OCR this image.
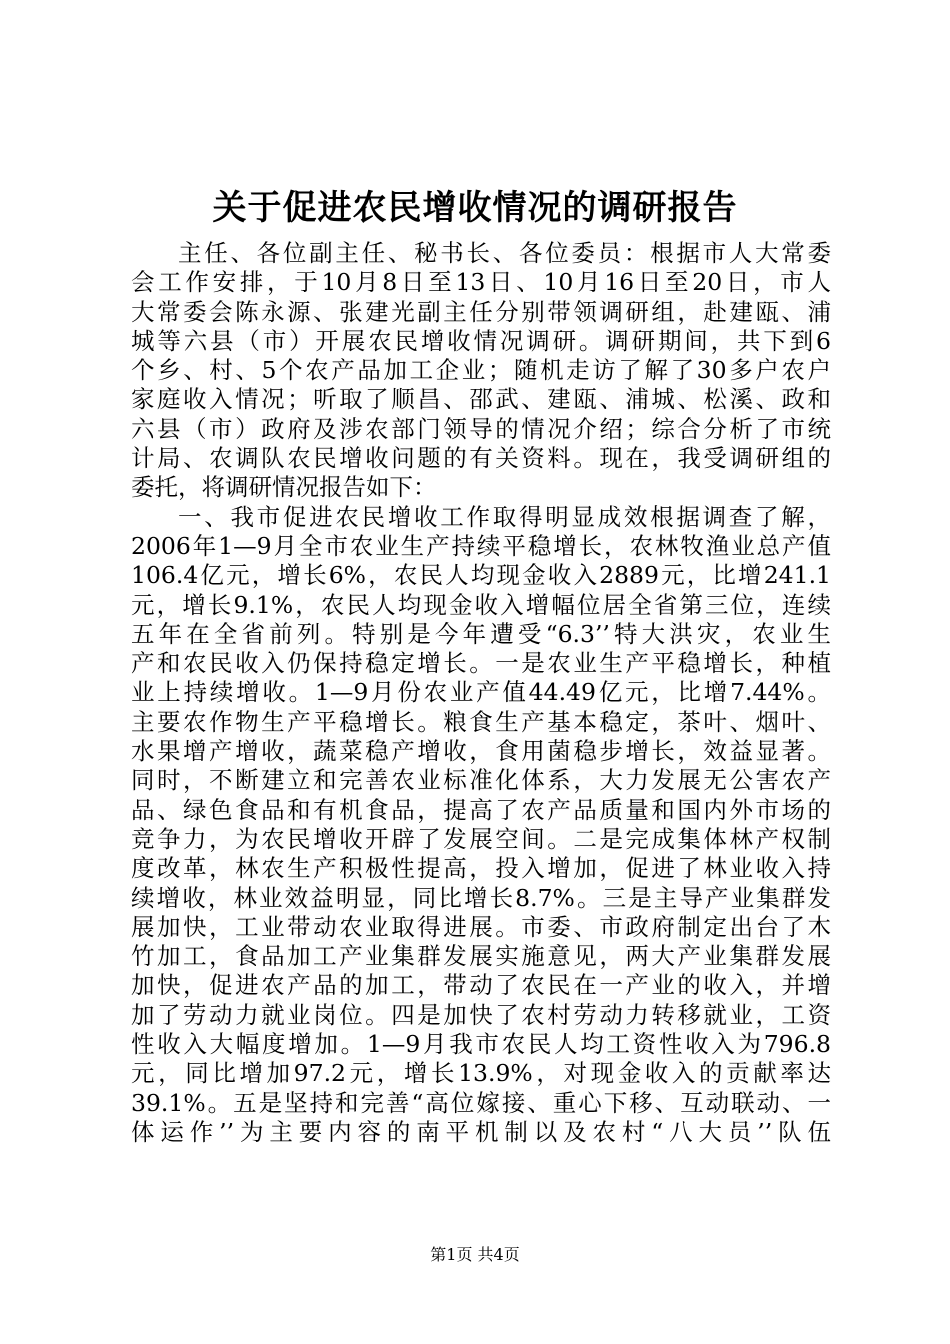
关于促进农民增收情况的调研报告
主任、各位副主任、秘书长、各位委员：根据市人大常委
会工作安排，于10月8日至13日、10月16日至20日，市人
大常委会陈永源、张建光副主任分别带领调研组，赴建瓯、浦
城等六县（市）开展农民增收情况调研。调研期间，共下到6
个乡、村、5个农产品加工企业；随机走访了解了30多户农户
家庭收入情况；听取了顺昌、邵武、建瓯、浦城、松溪、政和
六县（市）政府及涉农部门领导的情况介绍；综合分析了市统
计局、农调队农民增收问题的有关资料。现在，我受调研组的
委托，将调研情况报告如下：
一、我市促进农民增收工作取得明显成效根据调查了解，
2006年1—9月全市农业生产持续平稳增长，农林牧渔业总产值
106.4亿元，增长6%，农民人均现金收入2889元，比增241.1
元，增长9.1%，农民人均现金收入增幅位居全省第三位，连续
五年在全省前列。特别是今年遭受“6.3’’特大洪灾，农业生
产和农民收入仍保持稳定增长。一是农业生产平稳增长，种植
业上持续增收。1—9月份农业产值44.49亿元，比增7.44%。
主要农作物生产平稳增长。粮食生产基本稳定，茶叶、烟叶、
水果增产增收，蔬菜稳产增收，食用菌稳步增长，效益显著。
同时，不断建立和完善农业标准化体系，大力发展无公害农产
品、绿色食品和有机食品，提高了农产品质量和国内外市场的
竞争力，为农民增收开辟了发展空间。二是完成集体林产权制
度改革，林农生产积极性提高，投入增加，促进了林业收入持
续增收，林业效益明显，同比增长8.7%。三是主导产业集群发
展加快，工业带动农业取得进展。市委、市政府制定出台了木
竹加工，食品加工产业集群发展实施意见，两大产业集群发展
加快，促进农产品的加工，带动了农民在一产业的收入，并增
加了劳动力就业岗位。四是加快了农村劳动力转移就业，工资
性收入大幅度增加。1—9月我市农民人均工资性收入为796.8
元，同比增加97.2元，增长13.9%，对现金收入的贡献率达
39.1%。五是坚持和完善“高位嫁接、重心下移、互动联动、一
体运作’’为主要内容的南平机制以及农村“八大员’’队伍
第1页 共4页
